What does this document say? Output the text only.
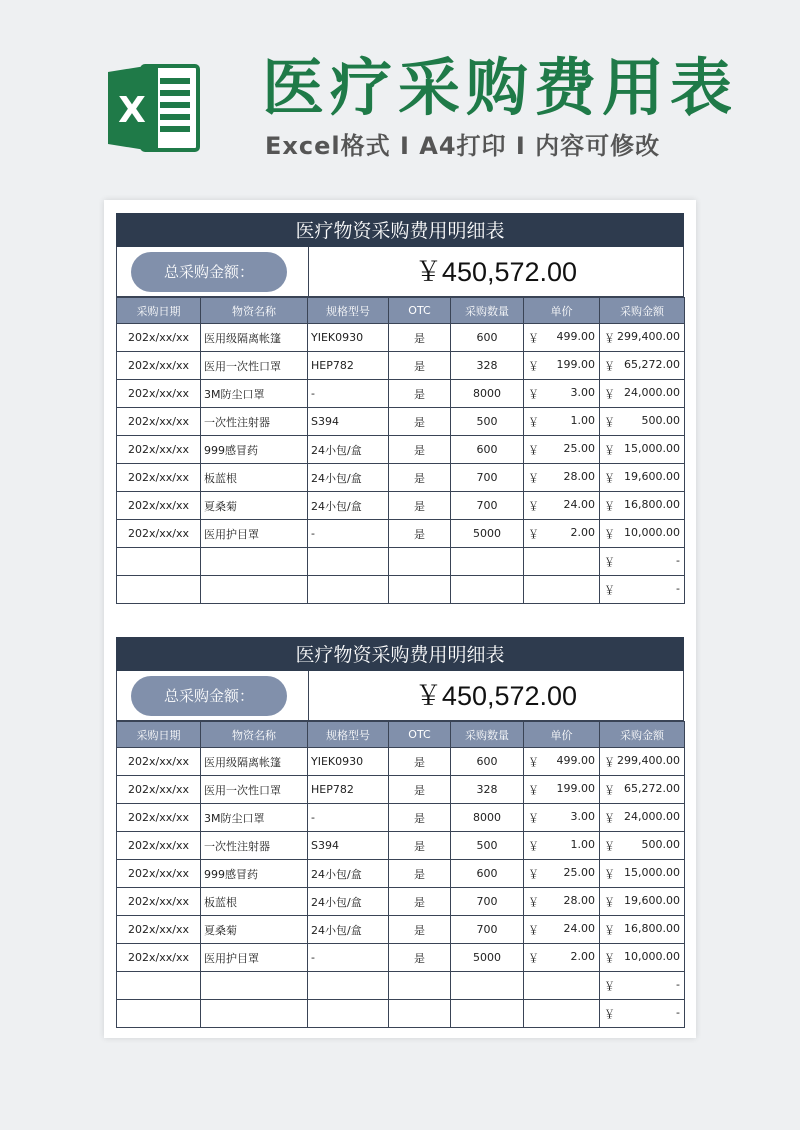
X 医疗采购费用表
Excel格式 I A4打印 I 内容可修改
医疗物资采购费用明细表
总采购金额：	￥450,572.00
采购日期	物资名称	规格型号	OTC	采购数量	单价	采购金额
202x/xx/xx	医用级隔离帐篷	YIEK0930	是	600	￥ 499.00	￥ 299,400.00

202x/xx/xx	医用一次性口罩	HEP782	是	328	￥ 199.00	￥ 65,272.00

202x/xx/xx	3M防尘口罩	-	是	8000	￥ 3.00	￥ 24,000.00

202x/xx/xx	一次性注射器	S394	是	500	￥ 1.00	￥ 500.00

202x/xx/xx	999感冒药	24小包/盒	是	600	￥ 25.00	￥ 15,000.00

202x/xx/xx	板蓝根	24小包/盒	是	700	￥ 28.00	￥ 19,600.00

202x/xx/xx	夏桑菊	24小包/盒	是	700	￥ 24.00	￥ 16,800.00

202x/xx/xx	医用护目罩	-	是	5000	￥ 2.00	￥ 10,000.00

						￥ -

						￥ -
医疗物资采购费用明细表
总采购金额：	￥450,572.00
采购日期	物资名称	规格型号	OTC	采购数量	单价	采购金额
202x/xx/xx	医用级隔离帐篷	YIEK0930	是	600	￥ 499.00	￥ 299,400.00

202x/xx/xx	医用一次性口罩	HEP782	是	328	￥ 199.00	￥ 65,272.00

202x/xx/xx	3M防尘口罩	-	是	8000	￥ 3.00	￥ 24,000.00

202x/xx/xx	一次性注射器	S394	是	500	￥ 1.00	￥ 500.00

202x/xx/xx	999感冒药	24小包/盒	是	600	￥ 25.00	￥ 15,000.00

202x/xx/xx	板蓝根	24小包/盒	是	700	￥ 28.00	￥ 19,600.00

202x/xx/xx	夏桑菊	24小包/盒	是	700	￥ 24.00	￥ 16,800.00

202x/xx/xx	医用护目罩	-	是	5000	￥ 2.00	￥ 10,000.00

						￥ -

						￥ -
